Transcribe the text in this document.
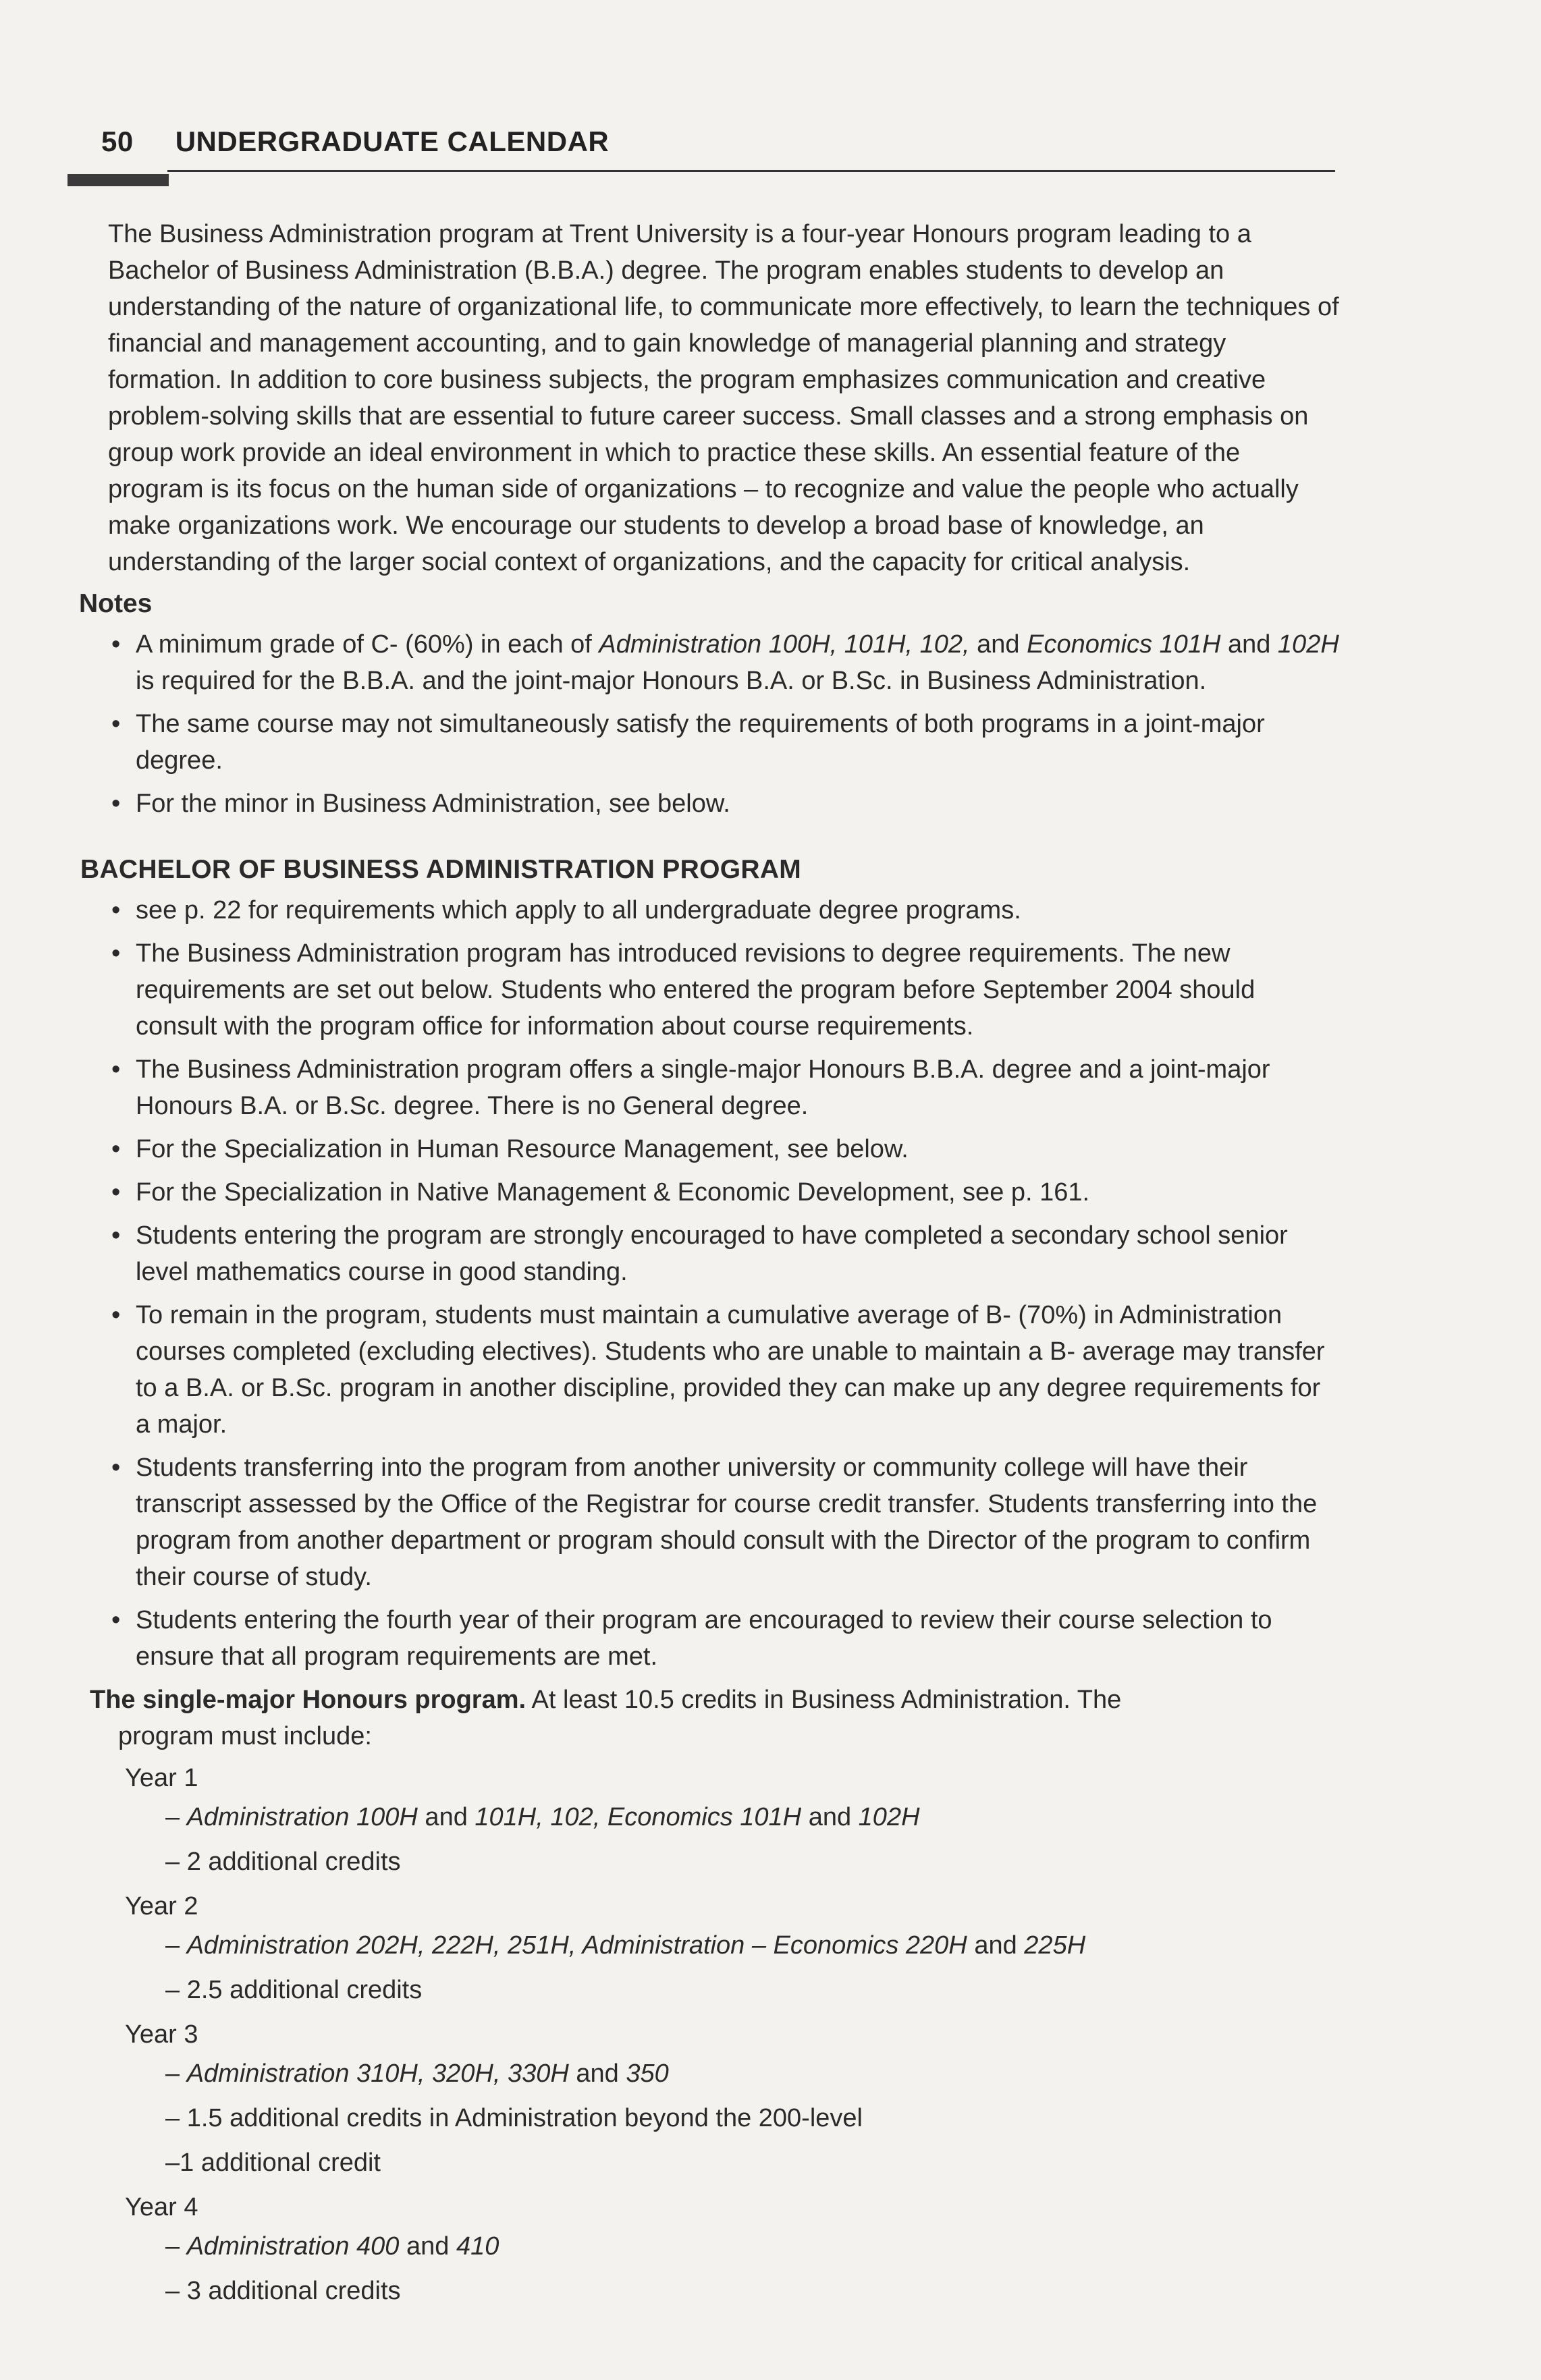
50 UNDERGRADUATE CALENDAR

The Business Administration program at Trent University is a four-year Honours program leading to a Bachelor of Business Administration (B.B.A.) degree. The program enables students to develop an understanding of the nature of organizational life, to communicate more effectively, to learn the techniques of financial and management accounting, and to gain knowledge of managerial planning and strategy formation. In addition to core business subjects, the program emphasizes communication and creative problem-solving skills that are essential to future career success. Small classes and a strong emphasis on group work provide an ideal environment in which to practice these skills. An essential feature of the program is its focus on the human side of organizations – to recognize and value the people who actually make organizations work. We encourage our students to develop a broad base of knowledge, an understanding of the larger social context of organizations, and the capacity for critical analysis.

Notes
• A minimum grade of C- (60%) in each of Administration 100H, 101H, 102, and Economics 101H and 102H is required for the B.B.A. and the joint-major Honours B.A. or B.Sc. in Business Administration.
• The same course may not simultaneously satisfy the requirements of both programs in a joint-major degree.
• For the minor in Business Administration, see below.
BACHELOR OF BUSINESS ADMINISTRATION PROGRAM
• see p. 22 for requirements which apply to all undergraduate degree programs.
• The Business Administration program has introduced revisions to degree requirements. The new requirements are set out below. Students who entered the program before September 2004 should consult with the program office for information about course requirements.
• The Business Administration program offers a single-major Honours B.B.A. degree and a joint-major Honours B.A. or B.Sc. degree. There is no General degree.
• For the Specialization in Human Resource Management, see below.
• For the Specialization in Native Management & Economic Development, see p. 161.
• Students entering the program are strongly encouraged to have completed a secondary school senior level mathematics course in good standing.
• To remain in the program, students must maintain a cumulative average of B- (70%) in Administration courses completed (excluding electives). Students who are unable to maintain a B- average may transfer to a B.A. or B.Sc. program in another discipline, provided they can make up any degree requirements for a major.
• Students transferring into the program from another university or community college will have their transcript assessed by the Office of the Registrar for course credit transfer. Students transferring into the program from another department or program should consult with the Director of the program to confirm their course of study.
• Students entering the fourth year of their program are encouraged to review their course selection to ensure that all program requirements are met.
The single-major Honours program. At least 10.5 credits in Business Administration. The
program must include:
Year 1
– Administration 100H and 101H, 102, Economics 101H and 102H
– 2 additional credits
Year 2
– Administration 202H, 222H, 251H, Administration – Economics 220H and 225H
– 2.5 additional credits
Year 3
– Administration 310H, 320H, 330H and 350
– 1.5 additional credits in Administration beyond the 200-level
–1 additional credit
Year 4
– Administration 400 and 410
– 3 additional credits
